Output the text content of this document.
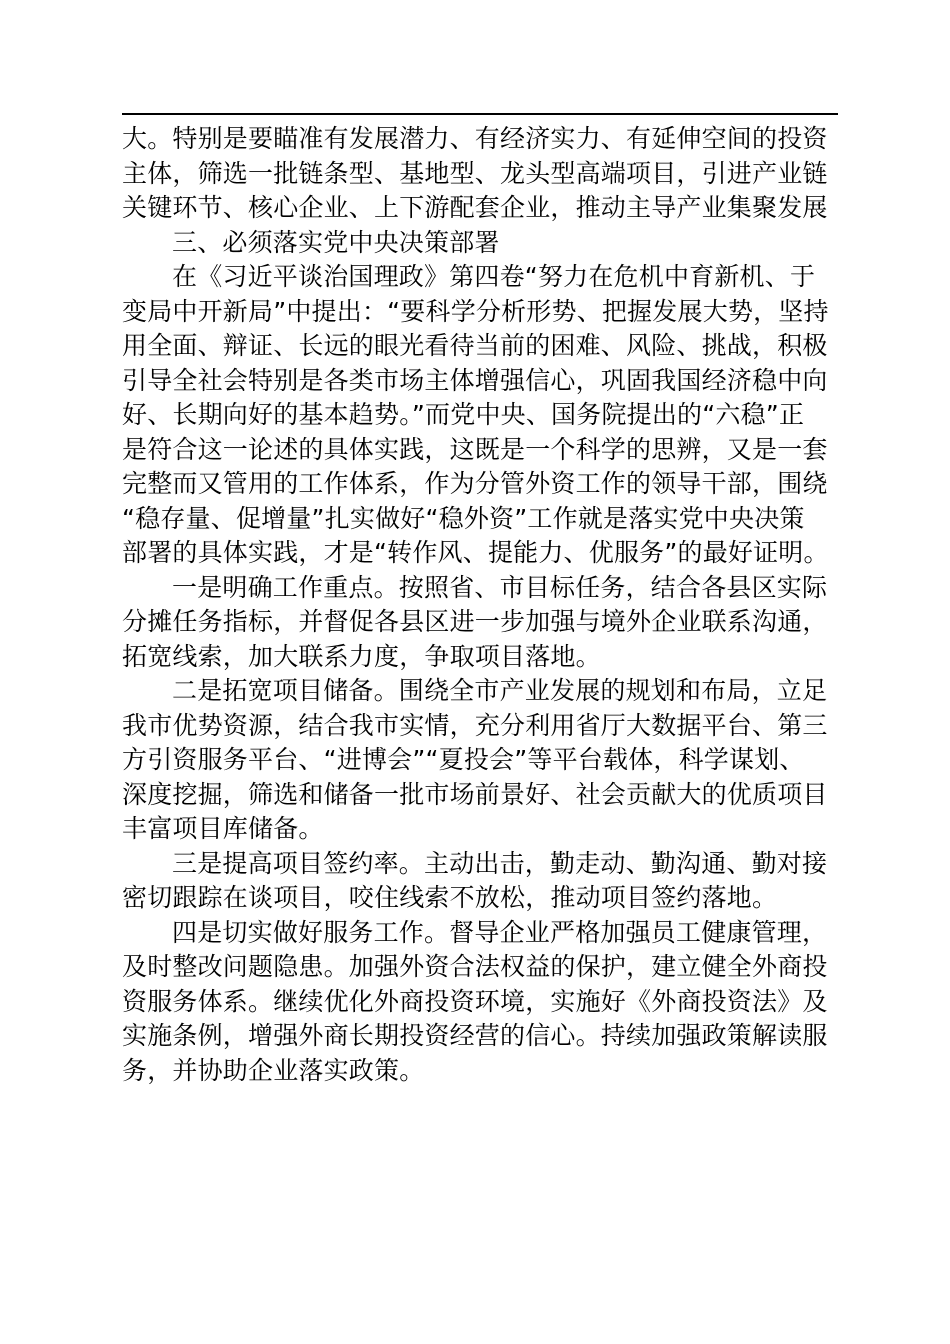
大。特别是要瞄准有发展潜力、有经济实力、有延伸空间的投资
主体，筛选一批链条型、基地型、龙头型高端项目，引进产业链
关键环节、核心企业、上下游配套企业，推动主导产业集聚发展
三、必须落实党中央决策部署
在《习近平谈治国理政》第四卷“努力在危机中育新机、于
变局中开新局”中提出：“要科学分析形势、把握发展大势，坚持
用全面、辩证、长远的眼光看待当前的困难、风险、挑战，积极
引导全社会特别是各类市场主体增强信心，巩固我国经济稳中向
好、长期向好的基本趋势。”而党中央、国务院提出的“六稳”正
是符合这一论述的具体实践，这既是一个科学的思辨，又是一套
完整而又管用的工作体系，作为分管外资工作的领导干部，围绕
“稳存量、促增量”扎实做好“稳外资”工作就是落实党中央决策
部署的具体实践，才是“转作风、提能力、优服务”的最好证明。
一是明确工作重点。按照省、市目标任务，结合各县区实际
分摊任务指标，并督促各县区进一步加强与境外企业联系沟通，
拓宽线索，加大联系力度，争取项目落地。
二是拓宽项目储备。围绕全市产业发展的规划和布局，立足
我市优势资源，结合我市实情，充分利用省厅大数据平台、第三
方引资服务平台、“进博会”“夏投会”等平台载体，科学谋划、
深度挖掘，筛选和储备一批市场前景好、社会贡献大的优质项目
丰富项目库储备。
三是提高项目签约率。主动出击，勤走动、勤沟通、勤对接
密切跟踪在谈项目，咬住线索不放松，推动项目签约落地。
四是切实做好服务工作。督导企业严格加强员工健康管理，
及时整改问题隐患。加强外资合法权益的保护，建立健全外商投
资服务体系。继续优化外商投资环境，实施好《外商投资法》及
实施条例，增强外商长期投资经营的信心。持续加强政策解读服
务，并协助企业落实政策。
